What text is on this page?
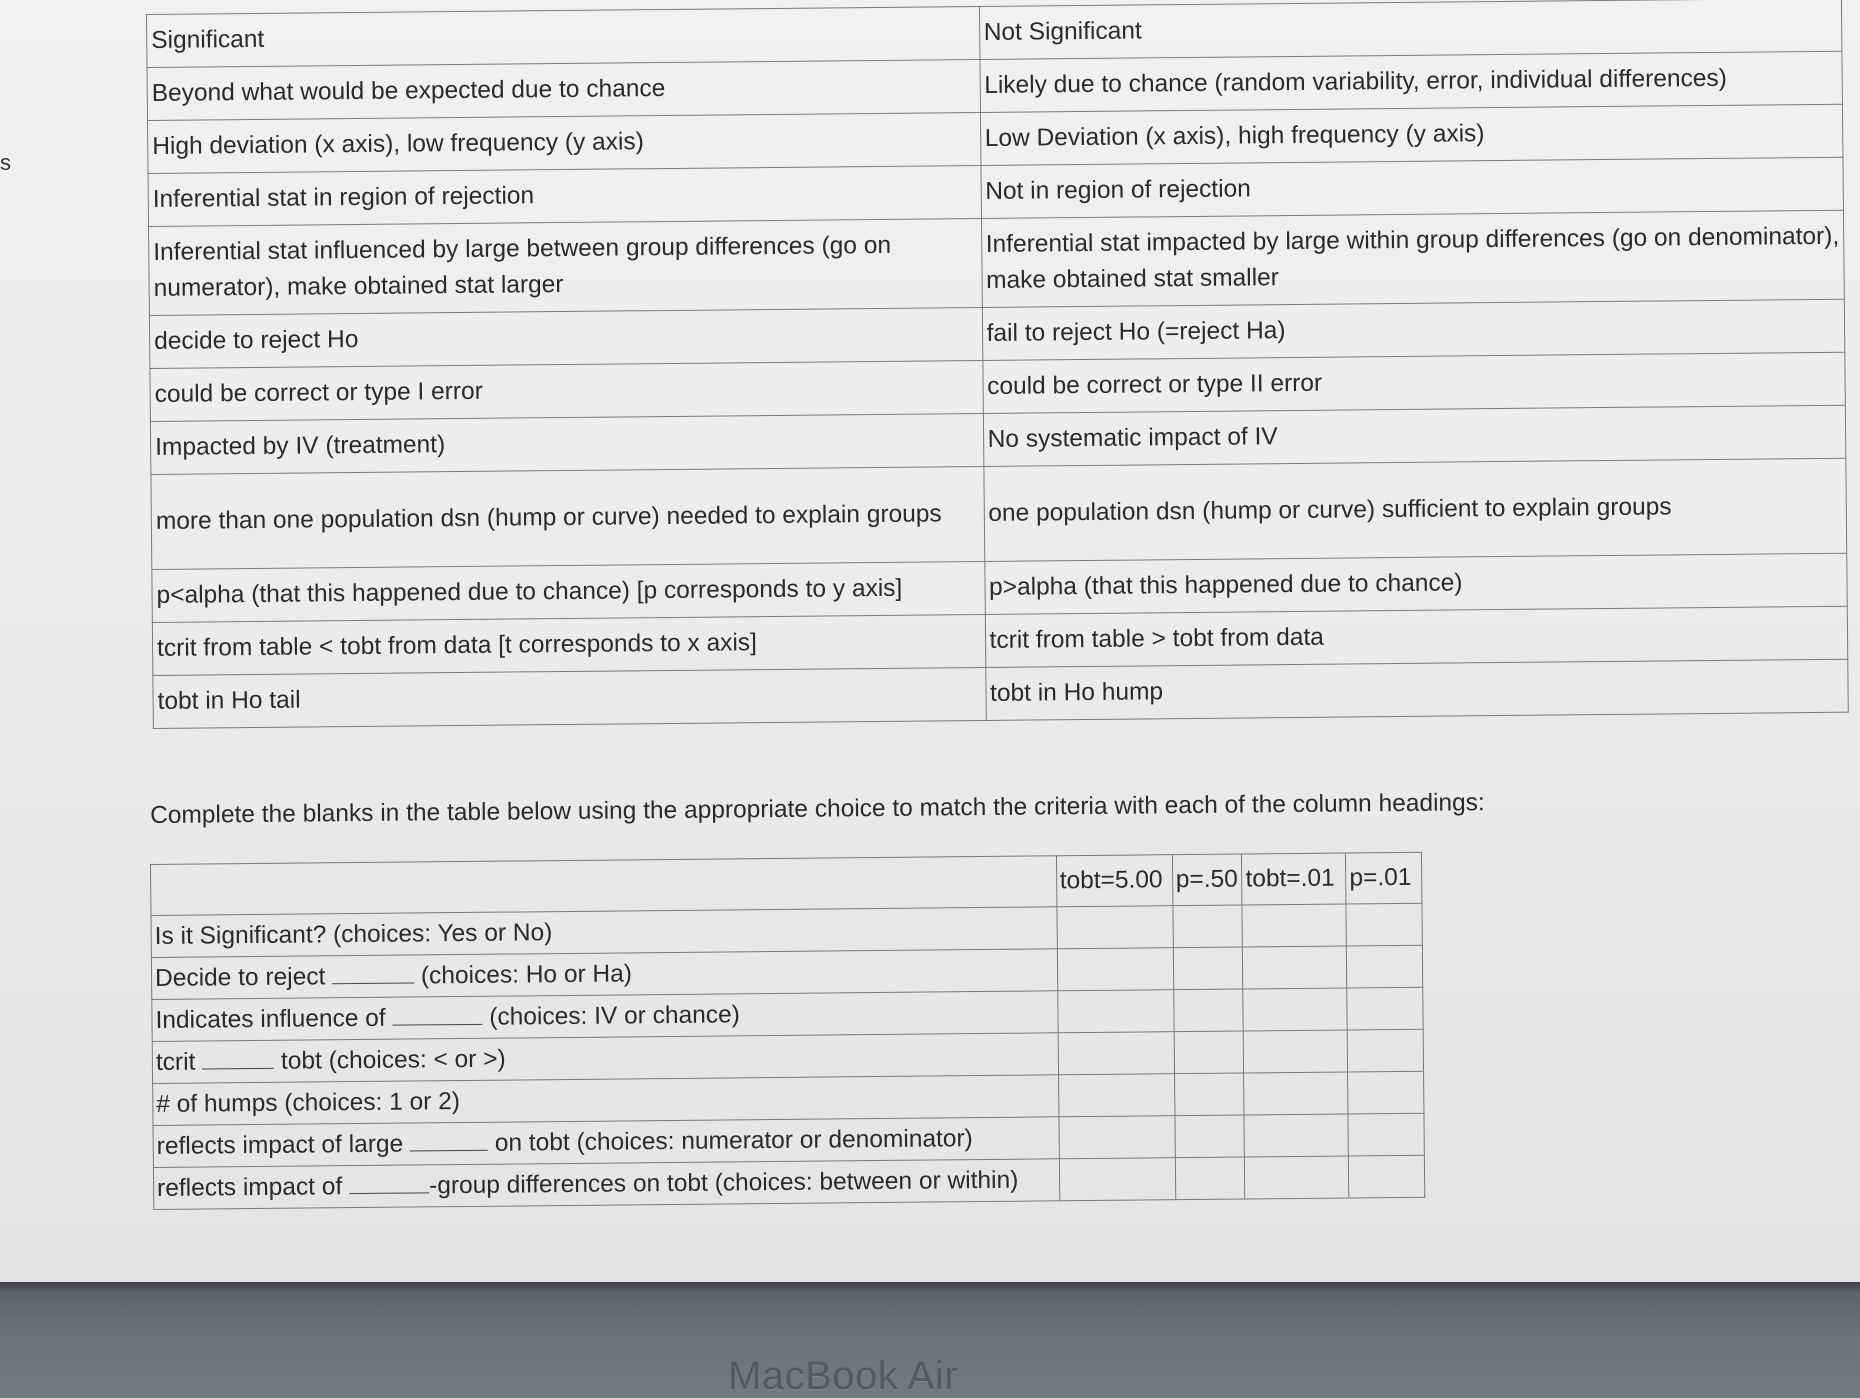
s
Significant	Not Significant
Beyond what would be expected due to chance	Likely due to chance (random variability, error, individual differences)
High deviation (x axis), low frequency (y axis)	Low Deviation (x axis), high frequency (y axis)
Inferential stat in region of rejection	Not in region of rejection
Inferential stat influenced by large between group differences (go on numerator), make obtained stat larger	Inferential stat impacted by large within group differences (go on denominator), make obtained stat smaller
decide to reject Ho	fail to reject Ho (=reject Ha)
could be correct or type I error	could be correct or type II error
Impacted by IV (treatment)	No systematic impact of IV
more than one population dsn (hump or curve) needed to explain groups	one population dsn (hump or curve) sufficient to explain groups
p<alpha (that this happened due to chance) [p corresponds to y axis]	p>alpha (that this happened due to chance)
tcrit from table < tobt from data [t corresponds to x axis]	tcrit from table > tobt from data
tobt in Ho tail	tobt in Ho hump
Complete the blanks in the table below using the appropriate choice to match the criteria with each of the column headings:
	tobt=5.00	p=.50	tobt=.01	p=.01
Is it Significant? (choices: Yes or No)				
Decide to reject (choices: Ho or Ha)				
Indicates influence of (choices: IV or chance)				
tcrit tobt (choices: < or >)				
# of humps (choices: 1 or 2)				
reflects impact of large on tobt (choices: numerator or denominator)				
reflects impact of -group differences on tobt (choices: between or within)				
MacBook Air
